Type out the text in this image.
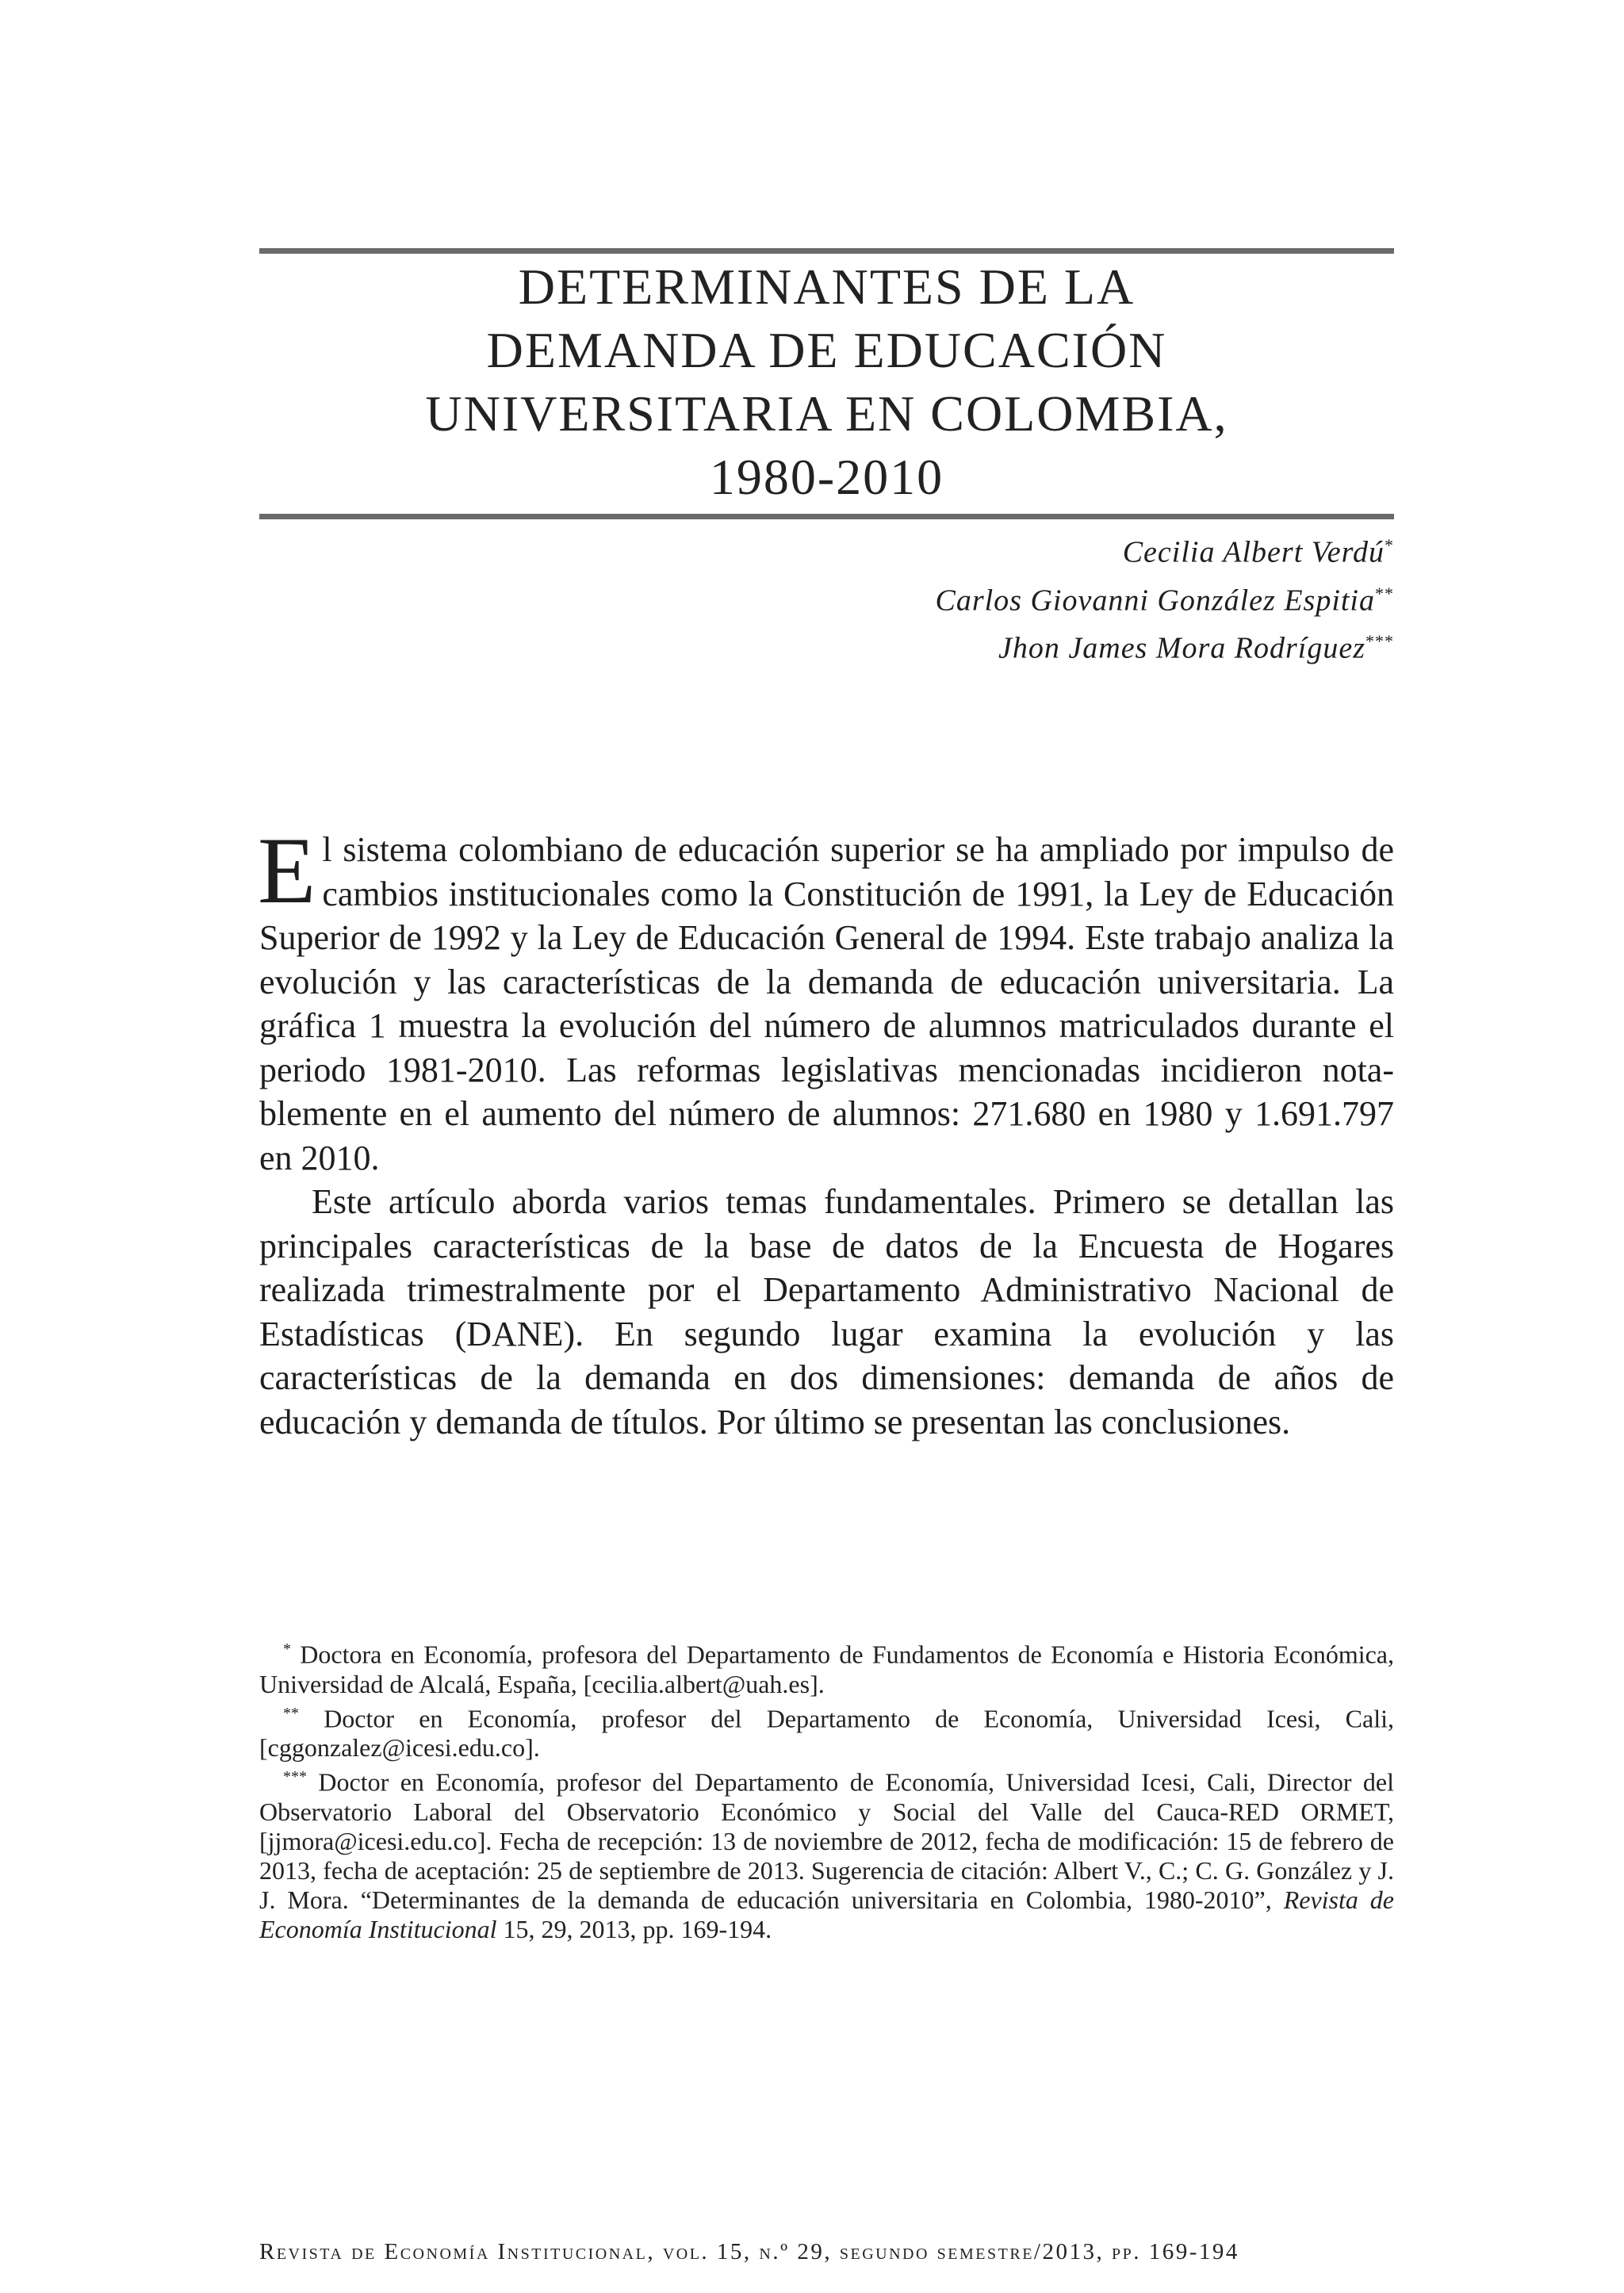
DETERMINANTES DE LA
DEMANDA DE EDUCACIÓN
UNIVERSITARIA EN COLOMBIA,
1980-2010
Cecilia Albert Verdú*
Carlos Giovanni González Espitia**
Jhon James Mora Rodríguez***

El sistema colombiano de educación superior se ha ampliado por impulso de cambios institucionales como la Constitución de 1991, la Ley de Educación Superior de 1992 y la Ley de Educación General de 1994. Este trabajo analiza la evolución y las características de la demanda de educación universitaria. La gráfica 1 muestra la evolución del número de alumnos matriculados durante el periodo 1981-2010. Las reformas legislativas mencionadas incidieron notablemente en el aumento del número de alumnos: 271.680 en 1980 y 1.691.797 en 2010.

Este artículo aborda varios temas fundamentales. Primero se detallan las principales características de la base de datos de la Encuesta de Hogares realizada trimestralmente por el Departamento Administrativo Nacional de Estadísticas (DANE). En segundo lugar examina la evolución y las características de la demanda en dos dimensiones: demanda de años de educación y demanda de títulos. Por último se presentan las conclusiones.

* Doctora en Economía, profesora del Departamento de Fundamentos de Economía e Historia Económica, Universidad de Alcalá, España, [cecilia.albert@uah.es].

** Doctor en Economía, profesor del Departamento de Economía, Universidad Icesi, Cali, [cggonzalez@icesi.edu.co].

*** Doctor en Economía, profesor del Departamento de Economía, Universidad Icesi, Cali, Director del Observatorio Laboral del Observatorio Económico y Social del Valle del Cauca-RED ORMET, [jjmora@icesi.edu.co]. Fecha de recepción: 13 de noviembre de 2012, fecha de modificación: 15 de febrero de 2013, fecha de aceptación: 25 de septiembre de 2013. Sugerencia de citación: Albert V., C.; C. G. González y J. J. Mora. “Determinantes de la demanda de educación universitaria en Colombia, 1980-2010”, Revista de Economía Institucional 15, 29, 2013, pp. 169-194.

Revista de Economía Institucional, vol. 15, n.º 29, segundo semestre/2013, pp. 169-194
